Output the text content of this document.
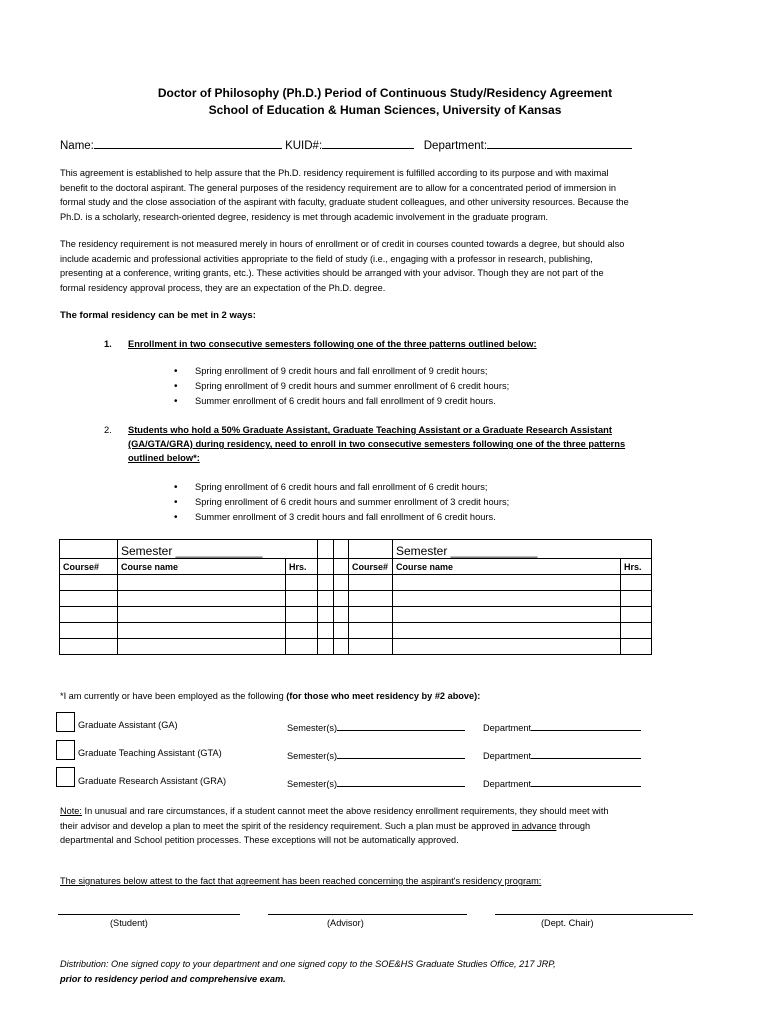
Doctor of Philosophy (Ph.D.) Period of Continuous Study/Residency Agreement
School of Education & Human Sciences, University of Kansas
Name:	KUID#:	Department:
This agreement is established to help assure that the Ph.D. residency requirement is fulfilled according to its purpose and with maximal
benefit to the doctoral aspirant. The general purposes of the residency requirement are to allow for a concentrated period of immersion in
formal study and the close association of the aspirant with faculty, graduate student colleagues, and other university resources. Because the
Ph.D. is a scholarly, research-oriented degree, residency is met through academic involvement in the graduate program.
The residency requirement is not measured merely in hours of enrollment or of credit in courses counted towards a degree, but should also
include academic and professional activities appropriate to the field of study (i.e., engaging with a professor in research, publishing,
presenting at a conference, writing grants, etc.). These activities should be arranged with your advisor. Though they are not part of the
formal residency approval process, they are an expectation of the Ph.D. degree.
The formal residency can be met in 2 ways:
1. Enrollment in two consecutive semesters following one of the three patterns outlined below:
• Spring enrollment of 9 credit hours and fall enrollment of 9 credit hours;
• Spring enrollment of 9 credit hours and summer enrollment of 6 credit hours;
• Summer enrollment of 6 credit hours and fall enrollment of 9 credit hours.
2. Students who hold a 50% Graduate Assistant, Graduate Teaching Assistant or a Graduate Research Assistant
(GA/GTA/GRA) during residency, need to enroll in two consecutive semesters following one of the three patterns
outlined below*:
• Spring enrollment of 6 credit hours and fall enrollment of 6 credit hours;
• Spring enrollment of 6 credit hours and summer enrollment of 3 credit hours;
• Summer enrollment of 3 credit hours and fall enrollment of 6 credit hours.
	Semester _____________					Semester _____________	
Course#	Course name	Hrs.			Course#	Course name	Hrs.

*I am currently or have been employed as the following (for those who meet residency by #2 above):
Graduate Assistant (GA)	Semester(s)	Department
Graduate Teaching Assistant (GTA)	Semester(s)	Department
Graduate Research Assistant (GRA)	Semester(s)	Department
Note: In unusual and rare circumstances, if a student cannot meet the above residency enrollment requirements, they should meet with
their advisor and develop a plan to meet the spirit of the residency requirement. Such a plan must be approved in advance through
departmental and School petition processes. These exceptions will not be automatically approved.
The signatures below attest to the fact that agreement has been reached concerning the aspirant's residency program:
(Student)	(Advisor)	(Dept. Chair)
Distribution: One signed copy to your department and one signed copy to the SOE&HS Graduate Studies Office, 217 JRP,
prior to residency period and comprehensive exam.
